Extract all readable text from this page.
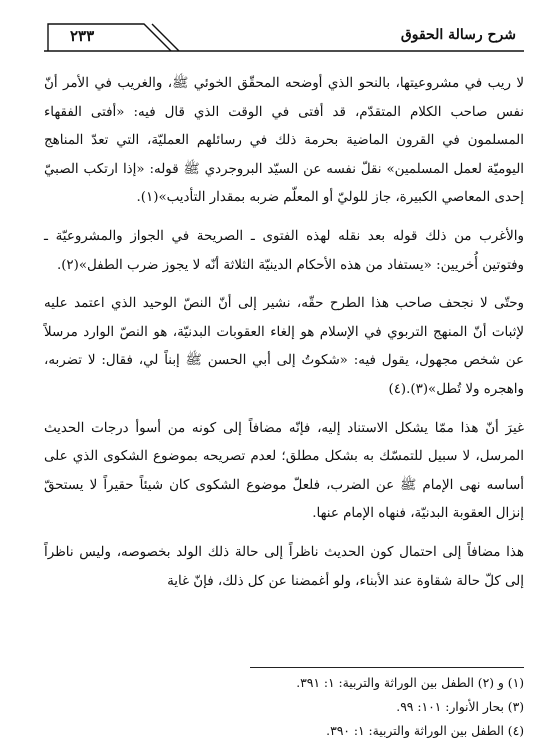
٢٣٣	شرح رسالة الحقوق

لا ريب في مشروعيتها، بالنحو الذي أوضحه المحقّق الخوئي ﷺ، والغريب في الأمر أنّ نفس صاحب الكلام المتقدّم، قد أفتى في الوقت الذي قال فيه: «أفتى الفقهاء المسلمون في القرون الماضية بحرمة ذلك في رسائلهم العمليّة، التي تعدّ المناهج اليوميّة لعمل المسلمين» نقلّ نفسه عن السيّد البروجردي ﷺ قوله: «إذا ارتكب الصبيّ إحدى المعاصي الكبيرة، جاز للوليّ أو المعلّم ضربه بمقدار التأديب»(١).

والأغرب من ذلك قوله بعد نقله لهذه الفتوى ـ الصريحة في الجواز والمشروعيّة ـ وفتوتين أُخريين: «يستفاد من هذه الأحكام الدينيّة الثلاثة أنّه لا يجوز ضرب الطفل»(٢).

وحتّى لا نجحف صاحب هذا الطرح حقّه، نشير إلى أنّ النصّ الوحيد الذي اعتمد عليه لإثبات أنّ المنهج التربوي في الإسلام هو إلغاء العقوبات البدنيّة، هو النصّ الوارد مرسلاً عن شخص مجهول، يقول فيه: «شكوتُ إلى أبي الحسن ﷺ إبناً لي، فقال: لا تضربه، واهجره ولا تُطل»(٣).(٤)

غيرَ أنّ هذا ممّا يشكل الاستناد إليه، فإنّه مضافاً إلى كونه من أسوأ درجات الحديث المرسل، لا سبيل للتمسّك به بشكل مطلق؛ لعدم تصريحه بموضوع الشكوى الذي على أساسه نهى الإمام ﷺ عن الضرب، فلعلّ موضوع الشكوى كان شيئاً حقيراً لا يستحقّ إنزال العقوبة البدنيّة، فنهاه الإمام عنها.

هذا مضافاً إلى احتمال كون الحديث ناظراً إلى حالة ذلك الولد بخصوصه، وليس ناظراً إلى كلّ حالة شقاوة عند الأبناء، ولو أغمضنا عن كل ذلك، فإنّ غاية

(١) و (٢) الطفل بين الوراثة والتربية: ١: ٣٩١.
(٣) بحار الأنوار: ١٠١: ٩٩.
(٤) الطفل بين الوراثة والتربية: ١: ٣٩٠.
